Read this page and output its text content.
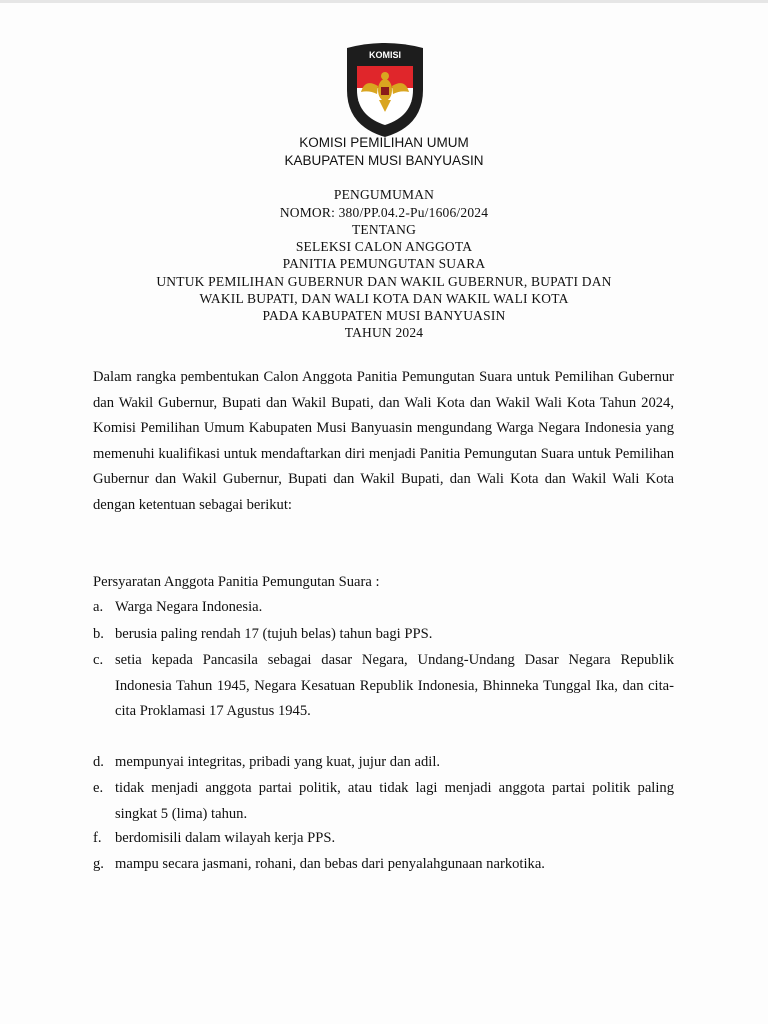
KOMISI
PEMILIHAN UMUM
KOMISI PEMILIHAN UMUM
KABUPATEN MUSI BANYUASIN
PENGUMUMAN
NOMOR: 380/PP.04.2-Pu/1606/2024
TENTANG
SELEKSI CALON ANGGOTA
PANITIA PEMUNGUTAN SUARA
UNTUK PEMILIHAN GUBERNUR DAN WAKIL GUBERNUR, BUPATI DAN
WAKIL BUPATI, DAN WALI KOTA DAN WAKIL WALI KOTA
PADA KABUPATEN MUSI BANYUASIN
TAHUN 2024
Dalam rangka pembentukan Calon Anggota Panitia Pemungutan Suara untuk Pemilihan Gubernur dan Wakil Gubernur, Bupati dan Wakil Bupati, dan Wali Kota dan Wakil Wali Kota Tahun 2024, Komisi Pemilihan Umum Kabupaten Musi Banyuasin mengundang Warga Negara Indonesia yang memenuhi kualifikasi untuk mendaftarkan diri menjadi Panitia Pemungutan Suara untuk Pemilihan Gubernur dan Wakil Gubernur, Bupati dan Wakil Bupati, dan Wali Kota dan Wakil Wali Kota dengan ketentuan sebagai berikut:
Persyaratan Anggota Panitia Pemungutan Suara :
a. Warga Negara Indonesia.
b. berusia paling rendah 17 (tujuh belas) tahun bagi PPS.
c. setia kepada Pancasila sebagai dasar Negara, Undang-Undang Dasar Negara Republik Indonesia Tahun 1945, Negara Kesatuan Republik Indonesia, Bhinneka Tunggal Ika, dan cita-cita Proklamasi 17 Agustus 1945.
d. mempunyai integritas, pribadi yang kuat, jujur dan adil.
e. tidak menjadi anggota partai politik, atau tidak lagi menjadi anggota partai politik paling singkat 5 (lima) tahun.
f. berdomisili dalam wilayah kerja PPS.
g. mampu secara jasmani, rohani, dan bebas dari penyalahgunaan narkotika.
